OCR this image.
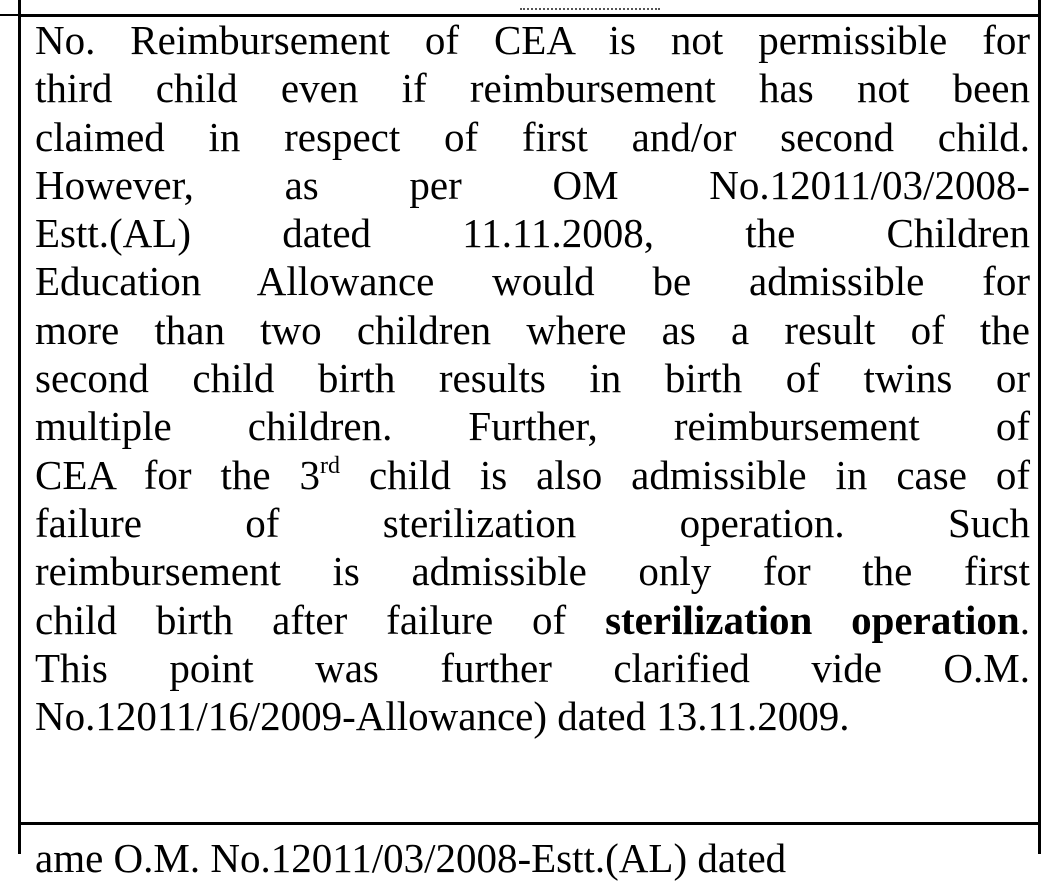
No. Reimbursement of CEA is not permissible for
third child even if reimbursement has not been
claimed in respect of first and/or second child.
However, as per OM No.12011/03/2008-
Estt.(AL) dated 11.11.2008, the Children
Education Allowance would be admissible for
more than two children where as a result of the
second child birth results in birth of twins or
multiple children. Further, reimbursement of
CEA for the 3rd child is also admissible in case of
failure of sterilization operation. Such
reimbursement is admissible only for the first
child birth after failure of sterilization operation.
This point was further clarified vide O.M.
No.12011/16/2009-Allowance) dated 13.11.2009.
ame O.M. No.12011/03/2008-Estt.(AL) dated
